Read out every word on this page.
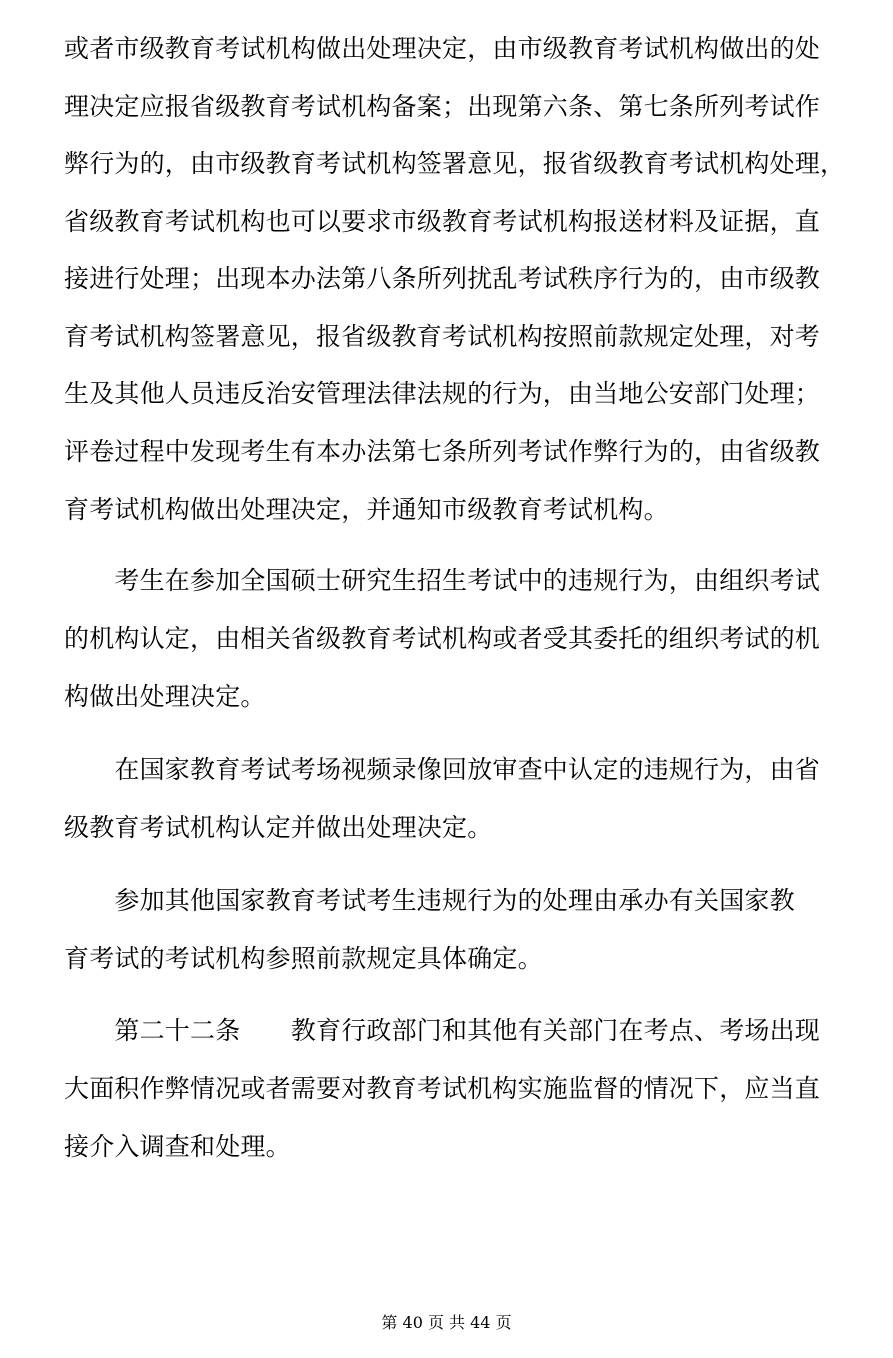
或者市级教育考试机构做出处理决定，由市级教育考试机构做出的处
理决定应报省级教育考试机构备案；出现第六条、第七条所列考试作
弊行为的，由市级教育考试机构签署意见，报省级教育考试机构处理，
省级教育考试机构也可以要求市级教育考试机构报送材料及证据，直
接进行处理；出现本办法第八条所列扰乱考试秩序行为的，由市级教
育考试机构签署意见，报省级教育考试机构按照前款规定处理，对考
生及其他人员违反治安管理法律法规的行为，由当地公安部门处理；
评卷过程中发现考生有本办法第七条所列考试作弊行为的，由省级教
育考试机构做出处理决定，并通知市级教育考试机构。
　　考生在参加全国硕士研究生招生考试中的违规行为，由组织考试
的机构认定，由相关省级教育考试机构或者受其委托的组织考试的机
构做出处理决定。
　　在国家教育考试考场视频录像回放审查中认定的违规行为，由省
级教育考试机构认定并做出处理决定。
　　参加其他国家教育考试考生违规行为的处理由承办有关国家教
育考试的考试机构参照前款规定具体确定。
　　第二十二条　　教育行政部门和其他有关部门在考点、考场出现
大面积作弊情况或者需要对教育考试机构实施监督的情况下，应当直
接介入调查和处理。
第 40 页 共 44 页
